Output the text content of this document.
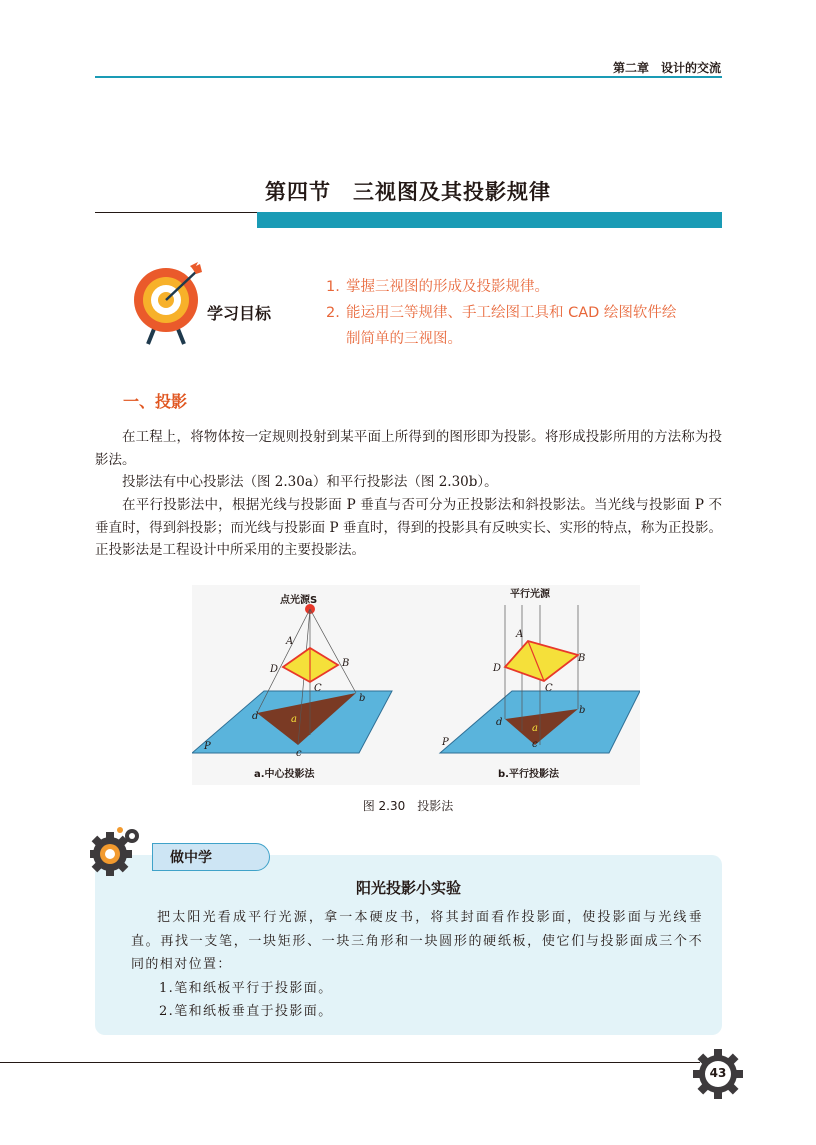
第二章　设计的交流
第四节　三视图及其投影规律
学习目标
1. 掌握三视图的形成及投影规律。
2. 能运用三等规律、手工绘图工具和 CAD 绘图软件绘
制简单的三视图。
一、投影

在工程上，将物体按一定规则投射到某平面上所得到的图形即为投影。将形成投影所用的方法称为投影法。

投影法有中心投影法（图 2.30a）和平行投影法（图 2.30b）。

在平行投影法中，根据光线与投影面 P 垂直与否可分为正投影法和斜投影法。当光线与投影面 P 不垂直时，得到斜投影；而光线与投影面 P 垂直时，得到的投影具有反映实长、实形的特点，称为正投影。正投影法是工程设计中所采用的主要投影法。

点光源S
A
B
C
D
a
b
c
d
P
a.中心投影法
平行光源
A
B
C
D
a
b
c
d
P
b.平行投影法
图 2.30　投影法
做中学
阳光投影小实验

把太阳光看成平行光源，拿一本硬皮书，将其封面看作投影面，使投影面与光线垂直。再找一支笔，一块矩形、一块三角形和一块圆形的硬纸板，使它们与投影面成三个不同的相对位置：

1.笔和纸板平行于投影面。

2.笔和纸板垂直于投影面。

43
